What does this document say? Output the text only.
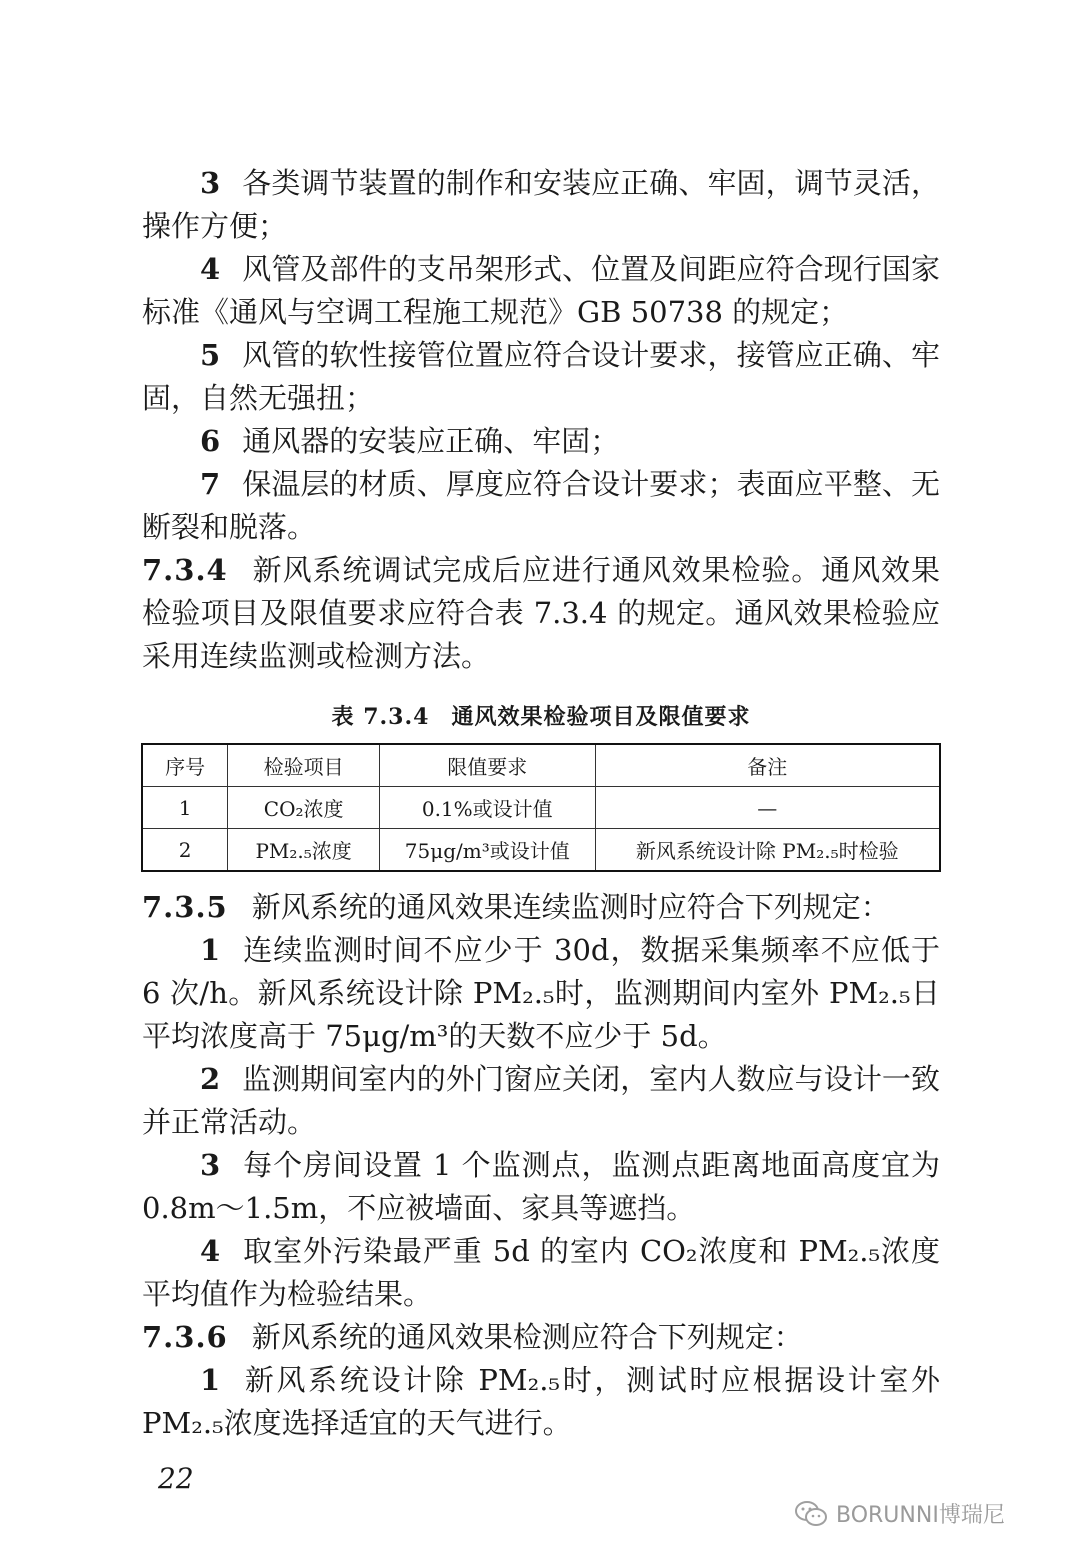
3 各类调节装置的制作和安装应正确、牢固，调节灵活，操作方便；

4 风管及部件的支吊架形式、位置及间距应符合现行国家标准《通风与空调工程施工规范》GB 50738 的规定；

5 风管的软性接管位置应符合设计要求，接管应正确、牢固，自然无强扭；

6 通风器的安装应正确、牢固；

7 保温层的材质、厚度应符合设计要求；表面应平整、无断裂和脱落。

7.3.4 新风系统调试完成后应进行通风效果检验。通风效果检验项目及限值要求应符合表 7.3.4 的规定。通风效果检验应采用连续监测或检测方法。

表 7.3.4 通风效果检验项目及限值要求
序号	检验项目	限值要求	备注
1	CO₂浓度	0.1%或设计值	—
2	PM₂.₅浓度	75μg/m³或设计值	新风系统设计除 PM₂.₅时检验

7.3.5 新风系统的通风效果连续监测时应符合下列规定：

1 连续监测时间不应少于 30d，数据采集频率不应低于 6 次/h。新风系统设计除 PM₂.₅时，监测期间内室外 PM₂.₅日平均浓度高于 75μg/m³的天数不应少于 5d。

2 监测期间室内的外门窗应关闭，室内人数应与设计一致并正常活动。

3 每个房间设置 1 个监测点，监测点距离地面高度宜为 0.8m～1.5m，不应被墙面、家具等遮挡。

4 取室外污染最严重 5d 的室内 CO₂浓度和 PM₂.₅浓度平均值作为检验结果。

7.3.6 新风系统的通风效果检测应符合下列规定：

1 新风系统设计除 PM₂.₅时，测试时应根据设计室外 PM₂.₅浓度选择适宜的天气进行。

22
BORUNNI博瑞尼
